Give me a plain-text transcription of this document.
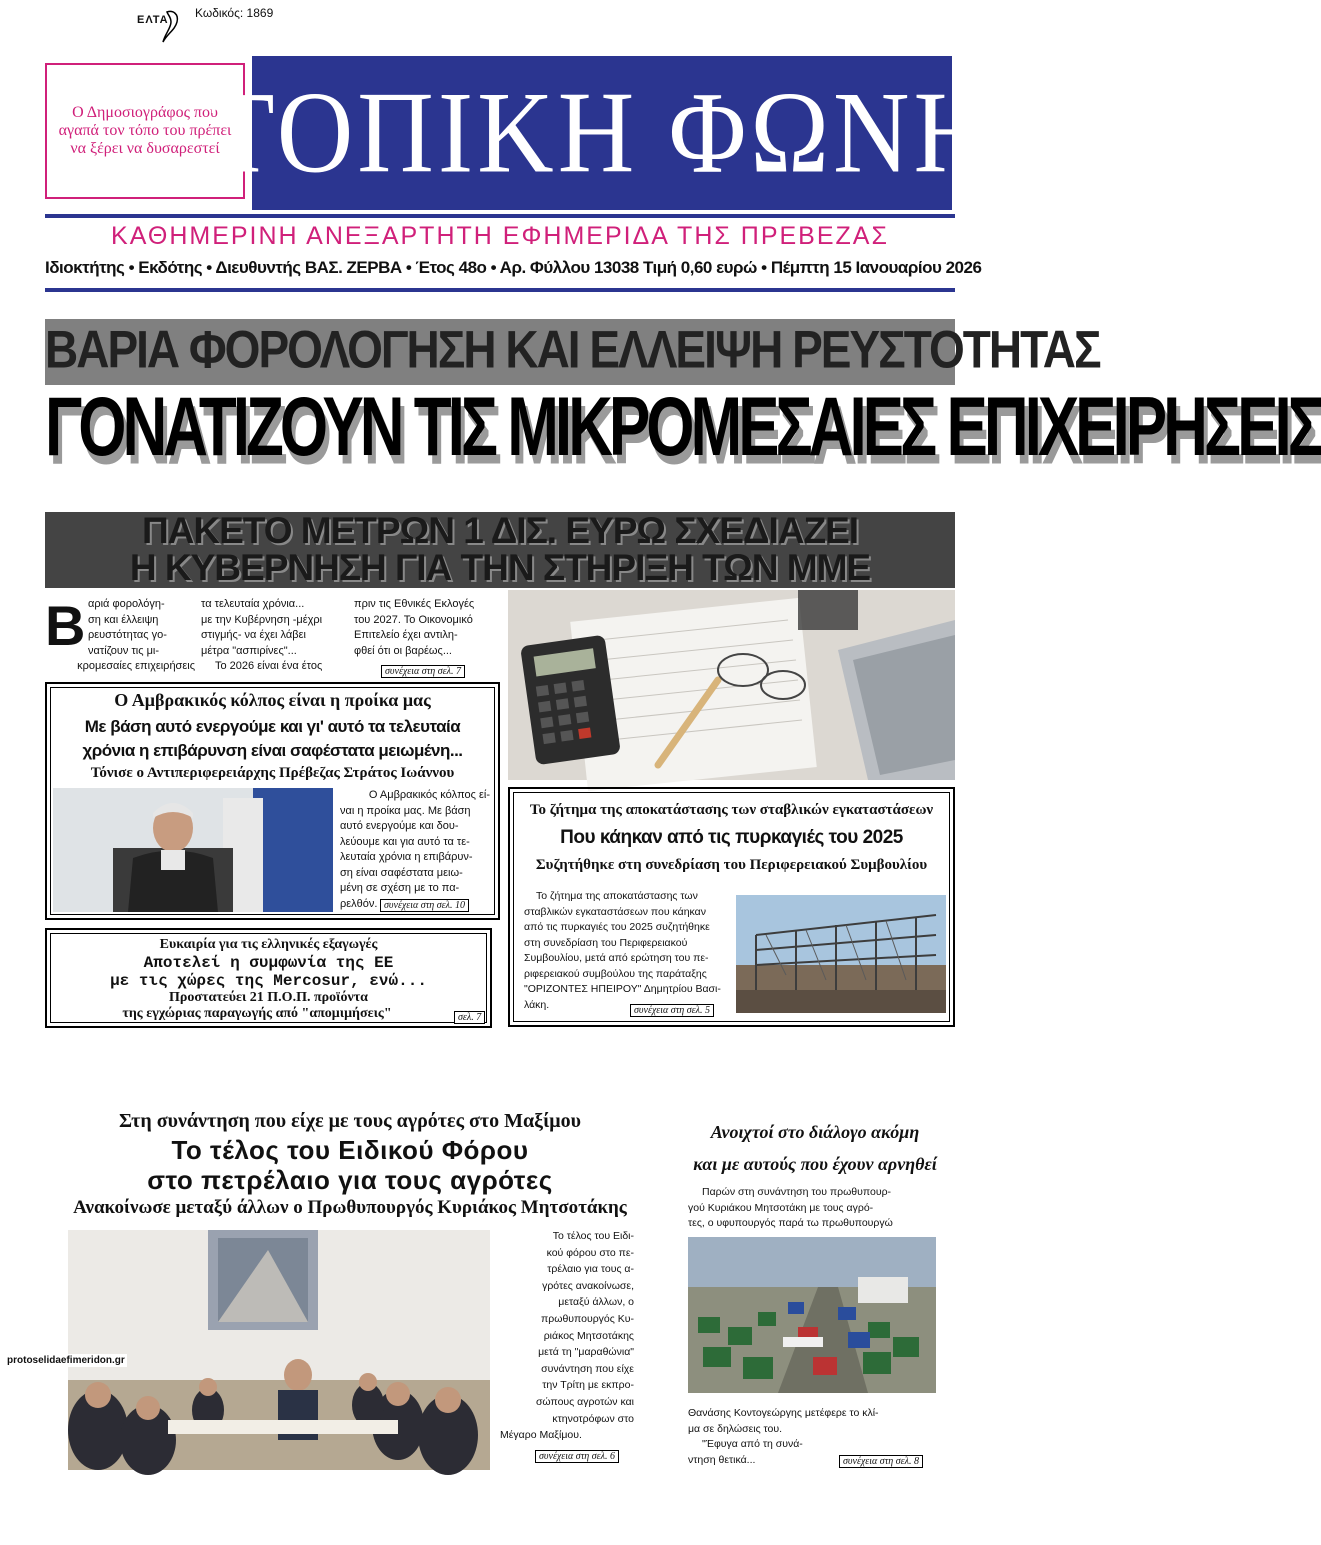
ΕΛΤΑ Κωδικός: 1869
Ο Δημοσιογράφος που αγαπά τον τόπο του πρέπει να ξέρει να δυσαρεστεί
ΤΟΠΙΚΗ ΦΩΝΗ
ΚΑΘΗΜΕΡΙΝΗ ΑΝΕΞΑΡΤΗΤΗ ΕΦΗΜΕΡΙΔΑ ΤΗΣ ΠΡΕΒΕΖΑΣ
Ιδιοκτήτης • Εκδότης • Διευθυντής ΒΑΣ. ΖΕΡΒΑ • Έτος 48ο • Αρ. Φύλλου 13038 Τιμή 0,60 ευρώ • Πέμπτη 15 Ιανουαρίου 2026
ΒΑΡΙΑ ΦΟΡΟΛΟΓΗΣΗ ΚΑΙ ΕΛΛΕΙΨΗ ΡΕΥΣΤΟΤΗΤΑΣ
ΓΟΝΑΤΙΖΟΥΝ ΤΙΣ ΜΙΚΡΟΜΕΣΑΙΕΣ ΕΠΙΧΕΙΡΗΣΕΙΣ
ΠΑΚΕΤΟ ΜΕΤΡΩΝ 1 ΔΙΣ. ΕΥΡΩ ΣΧΕΔΙΑΖΕΙ
Η ΚΥΒΕΡΝΗΣΗ ΓΙΑ ΤΗΝ ΣΤΗΡΙΞΗ ΤΩΝ ΜΜΕ
Β αριά φορολόγη-
ση και έλλειψη
ρευστότητας γο-
νατίζουν τις μι-
κρομεσαίες επιχειρήσεις
τα τελευταία χρόνια...
με την Κυβέρνηση -μέχρι
στιγμής- να έχει λάβει
μέτρα "ασπιρίνες"...
Το 2026 είναι ένα έτος
πριν τις Εθνικές Εκλογές
του 2027. Το Οικονομικό
Επιτελείο έχει αντιλη-
φθεί ότι οι βαρέως...
συνέχεια στη σελ. 7
Ο Αμβρακικός κόλπος είναι η προίκα μας
Με βάση αυτό ενεργούμε και γι' αυτό τα τελευταία
χρόνια η επιβάρυνση είναι σαφέστατα μειωμένη...
Τόνισε ο Αντιπεριφερειάρχης Πρέβεζας Στράτος Ιωάννου
Ο Αμβρακικός κόλπος εί-
ναι η προίκα μας. Με βάση
αυτό ενεργούμε και δου-
λεύουμε και για αυτό τα τε-
λευταία χρόνια η επιβάρυν-
ση είναι σαφέστατα μειω-
μένη σε σχέση με το πα-
ρελθόν. συνέχεια στη σελ. 10
Ευκαιρία για τις ελληνικές εξαγωγές
Αποτελεί η συμφωνία της ΕΕ
με τις χώρες της Mercosur, ενώ...
Προστατεύει 21 Π.Ο.Π. προϊόντα
της εγχώριας παραγωγής από "απομιμήσεις"	σελ. 7
Το ζήτημα της αποκατάστασης των σταβλικών εγκαταστάσεων
Που κάηκαν από τις πυρκαγιές του 2025
Συζητήθηκε στη συνεδρίαση του Περιφερειακού Συμβουλίου
Το ζήτημα της αποκατάστασης των
σταβλικών εγκαταστάσεων που κάηκαν
από τις πυρκαγιές του 2025 συζητήθηκε
στη συνεδρίαση του Περιφερειακού
Συμβουλίου, μετά από ερώτηση του πε-
ριφερειακού συμβούλου της παράταξης
"ΟΡΙΖΟΝΤΕΣ ΗΠΕΙΡΟΥ" Δημητρίου Βασι-
λάκη.	συνέχεια στη σελ. 5
Στη συνάντηση που είχε με τους αγρότες στο Μαξίμου
Το τέλος του Ειδικού Φόρου
στο πετρέλαιο για τους αγρότες
Ανακοίνωσε μεταξύ άλλων ο Πρωθυπουργός Κυριάκος Μητσοτάκης
Το τέλος του Ειδι-
κού φόρου στο πε-
τρέλαιο για τους α-
γρότες ανακοίνωσε,
μεταξύ άλλων, ο
πρωθυπουργός Κυ-
ριάκος Μητσοτάκης
μετά τη "μαραθώνια"
συνάντηση που είχε
την Τρίτη με εκπρο-
σώπους αγροτών και
κτηνοτρόφων στο
Μέγαρο Μαξίμου.
συνέχεια στη σελ. 6
Ανοιχτοί στο διάλογο ακόμη
και με αυτούς που έχουν αρνηθεί
Παρών στη συνάντηση του πρωθυπουρ-
γού Κυριάκου Μητσοτάκη με τους αγρό-
τες, ο υφυπουργός παρά τω πρωθυπουργώ
Θανάσης Κοντογεώργης μετέφερε το κλί-
μα σε δηλώσεις του.
"Έφυγα από τη συνά-
ντηση θετικά...	συνέχεια στη σελ. 8
protoselidaefimeridon.gr
